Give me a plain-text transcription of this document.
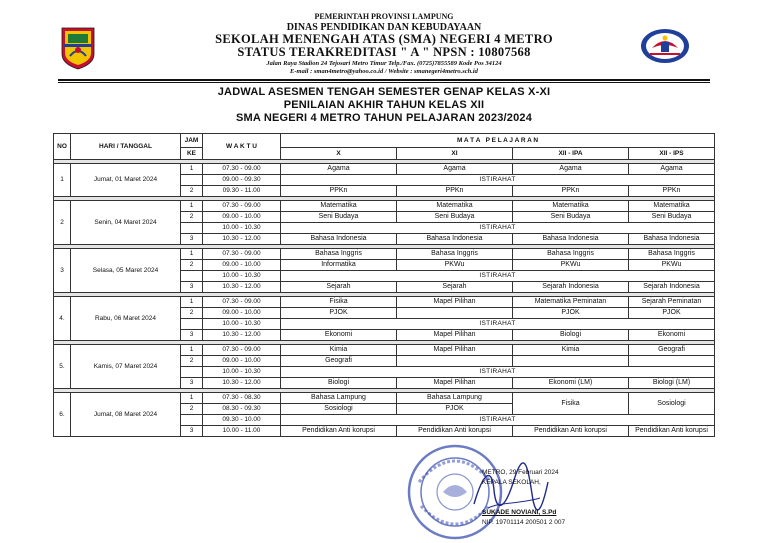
PEMERINTAH PROVINSI LAMPUNG
DINAS PENDIDIKAN DAN KEBUDAYAAN
SEKOLAH MENENGAH ATAS (SMA) NEGERI 4 METRO
STATUS TERAKREDITASI " A " NPSN : 10807568
Jalan Raya Stadion 24 Tejosari Metro Timur Telp./Fax. (0725)7855589 Kode Pos 34124
E-mail : sman4metro@yahoo.co.id / Website : smanegeri4metro.sch.id
JADWAL ASESMEN TENGAH SEMESTER GENAP KELAS X-XI
PENILAIAN AKHIR TAHUN KELAS XII
SMA NEGERI 4 METRO TAHUN PELAJARAN 2023/2024
NO	HARI / TANGGAL	JAM	W A K T U	M A T A   P E L A J A R A N			
		KE		X	XI	XII - IPA	XII - IPS

1	Jumat, 01 Maret 2024	1	07.30 - 09.00	Agama	Agama	Agama	Agama
			09.00 - 09.30	ISTIRAHAT			
		2	09.30 - 11.00	PPKn	PPKn	PPKn	PPKn

2	Senin, 04 Maret 2024	1	07.30 - 09.00	Matematika	Matematika	Matematika	Matematika
		2	09.00 - 10.00	Seni Budaya	Seni Budaya	Seni Budaya	Seni Budaya
			10.00 - 10.30	ISTIRAHAT			
		3	10.30 - 12.00	Bahasa Indonesia	Bahasa Indonesia	Bahasa Indonesia	Bahasa Indonesia

3	Selasa, 05 Maret 2024	1	07.30 - 09.00	Bahasa Inggris	Bahasa Inggris	Bahasa Inggris	Bahasa Inggris
		2	09.00 - 10.00	Informatika	PKWu	PKWu	PKWu
			10.00 - 10.30	ISTIRAHAT			
		3	10.30 - 12.00	Sejarah	Sejarah	Sejarah Indonesia	Sejarah Indonesia

4.	Rabu, 06 Maret 2024	1	07.30 - 09.00	Fisika	Mapel Pilihan	Matematika Peminatan	Sejarah Peminatan
		2	09.00 - 10.00	PJOK		PJOK	PJOK
			10.00 - 10.30	ISTIRAHAT			
		3	10.30 - 12.00	Ekonomi	Mapel Pilihan	Biologi	Ekonomi

5.	Kamis, 07 Maret 2024	1	07.30 - 09.00	Kimia	Mapel Pilihan	Kimia	Geografi
		2	09.00 - 10.00	Geografi			
			10.00 - 10.30	ISTIRAHAT			
		3	10.30 - 12.00	Biologi	Mapel Pilihan	Ekonomi (LM)	Biologi (LM)

6.	Jumat, 08 Maret 2024	1	07.30 - 08.30	Bahasa Lampung	Bahasa Lampung	Fisika	Sosiologi
		2	08.30 - 09.30	Sosiologi	PJOK		
			09.30 - 10.00	ISTIRAHAT			
		3	10.00 - 11.00	Pendidikan Anti korupsi	Pendidikan Anti korupsi	Pendidikan Anti korupsi	Pendidikan Anti korupsi
METRO, 29 Februari 2024
KEPALA SEKOLAH,
SUKADE NOVIANI, S.Pd
NIP. 19701114 200501 2 007
